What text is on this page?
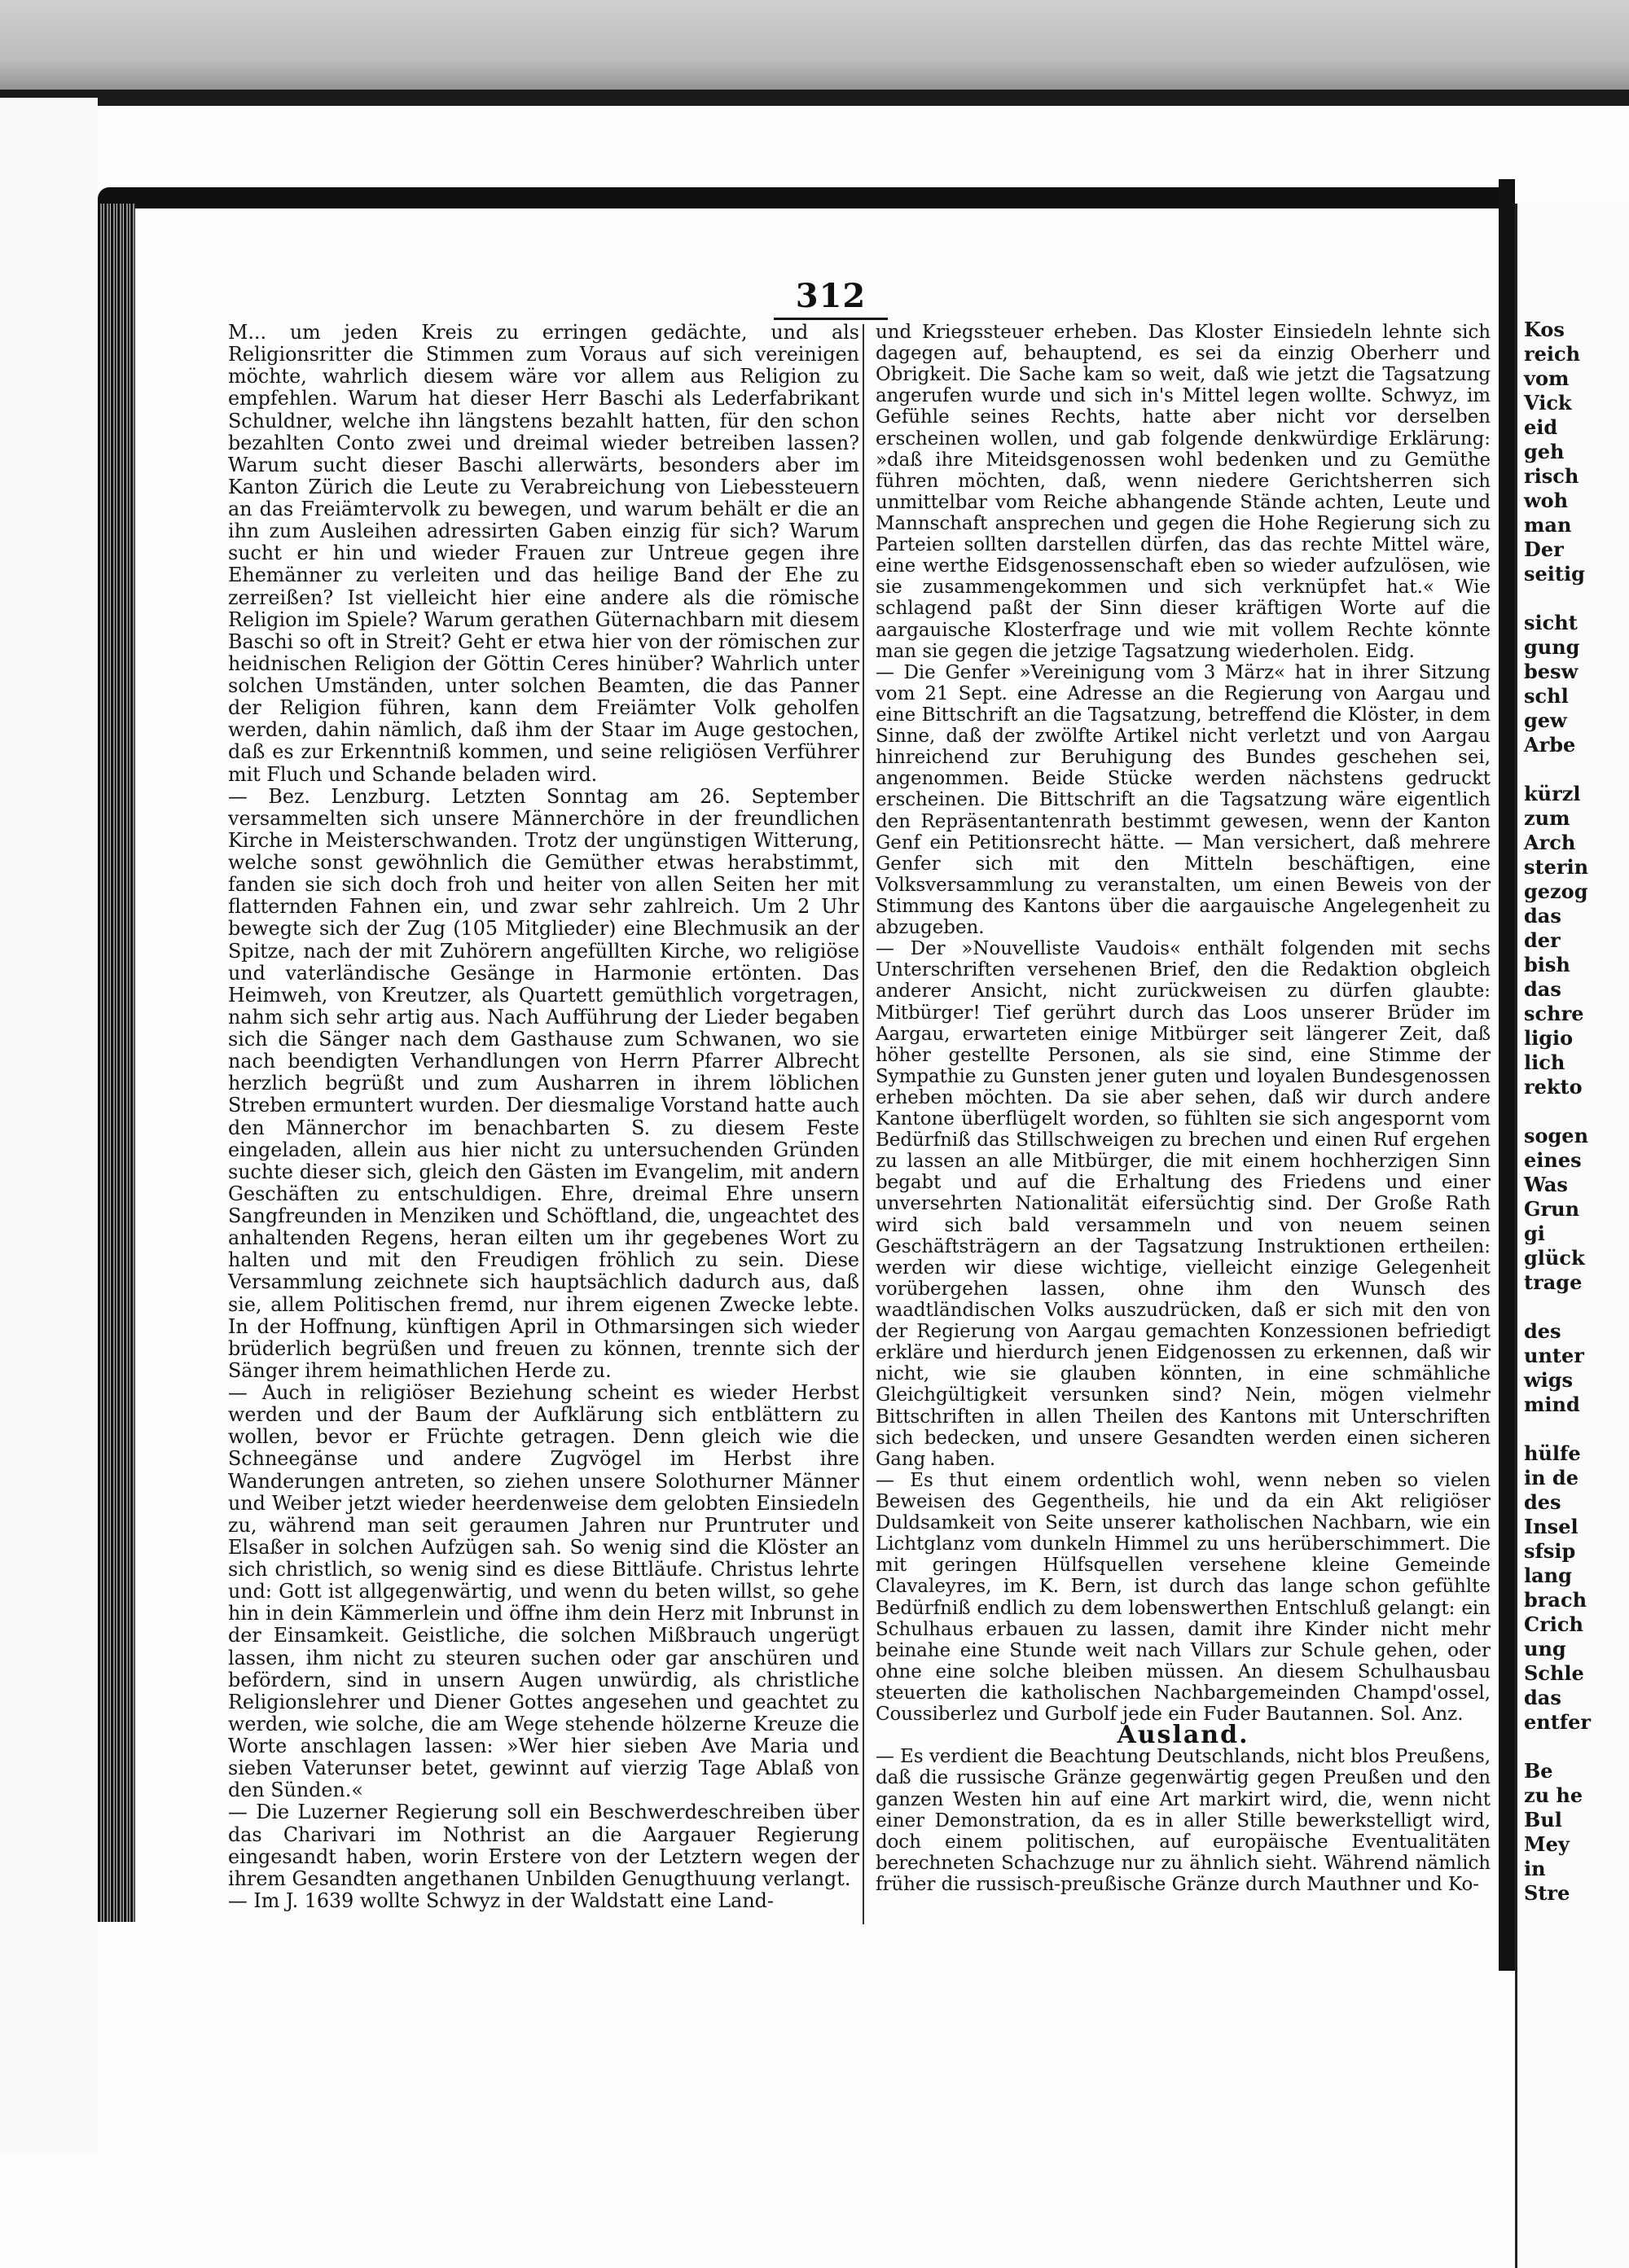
312

M... um jeden Kreis zu erringen gedächte, und als Religionsritter die Stimmen zum Voraus auf sich vereinigen möchte, wahrlich diesem wäre vor allem aus Religion zu empfehlen. Warum hat dieser Herr Baschi als Lederfabrikant Schuldner, welche ihn längstens bezahlt hatten, für den schon bezahlten Conto zwei und dreimal wieder betreiben lassen? Warum sucht dieser Baschi allerwärts, besonders aber im Kanton Zürich die Leute zu Verabreichung von Liebessteuern an das Freiämtervolk zu bewegen, und warum behält er die an ihn zum Ausleihen adressirten Gaben einzig für sich? Warum sucht er hin und wieder Frauen zur Untreue gegen ihre Ehemänner zu verleiten und das heilige Band der Ehe zu zerreißen? Ist vielleicht hier eine andere als die römische Religion im Spiele? Warum gerathen Güternachbarn mit diesem Baschi so oft in Streit? Geht er etwa hier von der römischen zur heidnischen Religion der Göttin Ceres hinüber? Wahrlich unter solchen Umständen, unter solchen Beamten, die das Panner der Religion führen, kann dem Freiämter Volk geholfen werden, dahin nämlich, daß ihm der Staar im Auge gestochen, daß es zur Erkenntniß kommen, und seine religiösen Verführer mit Fluch und Schande beladen wird.

— Bez. Lenzburg. Letzten Sonntag am 26. September versammelten sich unsere Männerchöre in der freundlichen Kirche in Meisterschwanden. Trotz der ungünstigen Witterung, welche sonst gewöhnlich die Gemüther etwas herabstimmt, fanden sie sich doch froh und heiter von allen Seiten her mit flatternden Fahnen ein, und zwar sehr zahlreich. Um 2 Uhr bewegte sich der Zug (105 Mitglieder) eine Blechmusik an der Spitze, nach der mit Zuhörern angefüllten Kirche, wo religiöse und vaterländische Gesänge in Harmonie ertönten. Das Heimweh, von Kreutzer, als Quartett gemüthlich vorgetragen, nahm sich sehr artig aus. Nach Aufführung der Lieder begaben sich die Sänger nach dem Gasthause zum Schwanen, wo sie nach beendigten Verhandlungen von Herrn Pfarrer Albrecht herzlich begrüßt und zum Ausharren in ihrem löblichen Streben ermuntert wurden. Der diesmalige Vorstand hatte auch den Männerchor im benachbarten S. zu diesem Feste eingeladen, allein aus hier nicht zu untersuchenden Gründen suchte dieser sich, gleich den Gästen im Evangelim, mit andern Geschäften zu entschuldigen. Ehre, dreimal Ehre unsern Sangfreunden in Menziken und Schöftland, die, ungeachtet des anhaltenden Regens, heran eilten um ihr gegebenes Wort zu halten und mit den Freudigen fröhlich zu sein. Diese Versammlung zeichnete sich hauptsächlich dadurch aus, daß sie, allem Politischen fremd, nur ihrem eigenen Zwecke lebte. In der Hoffnung, künftigen April in Othmarsingen sich wieder brüderlich begrüßen und freuen zu können, trennte sich der Sänger ihrem heimathlichen Herde zu.

— Auch in religiöser Beziehung scheint es wieder Herbst werden und der Baum der Aufklärung sich entblättern zu wollen, bevor er Früchte getragen. Denn gleich wie die Schneegänse und andere Zugvögel im Herbst ihre Wanderungen antreten, so ziehen unsere Solothurner Männer und Weiber jetzt wieder heerdenweise dem gelobten Einsiedeln zu, während man seit geraumen Jahren nur Pruntruter und Elsaßer in solchen Aufzügen sah. So wenig sind die Klöster an sich christlich, so wenig sind es diese Bittläufe. Christus lehrte und: Gott ist allgegenwärtig, und wenn du beten willst, so gehe hin in dein Kämmerlein und öffne ihm dein Herz mit Inbrunst in der Einsamkeit. Geistliche, die solchen Mißbrauch ungerügt lassen, ihm nicht zu steuren suchen oder gar anschüren und befördern, sind in unsern Augen unwürdig, als christliche Religionslehrer und Diener Gottes angesehen und geachtet zu werden, wie solche, die am Wege stehende hölzerne Kreuze die Worte anschlagen lassen: »Wer hier sieben Ave Maria und sieben Vaterunser betet, gewinnt auf vierzig Tage Ablaß von den Sünden.«

— Die Luzerner Regierung soll ein Beschwerdeschreiben über das Charivari im Nothrist an die Aargauer Regierung eingesandt haben, worin Erstere von der Letztern wegen der ihrem Gesandten angethanen Unbilden Genugthuung verlangt.

— Im J. 1639 wollte Schwyz in der Waldstatt eine Land-

und Kriegssteuer erheben. Das Kloster Einsiedeln lehnte sich dagegen auf, behauptend, es sei da einzig Oberherr und Obrigkeit. Die Sache kam so weit, daß wie jetzt die Tagsatzung angerufen wurde und sich in's Mittel legen wollte. Schwyz, im Gefühle seines Rechts, hatte aber nicht vor derselben erscheinen wollen, und gab folgende denkwürdige Erklärung: »daß ihre Miteidsgenossen wohl bedenken und zu Gemüthe führen möchten, daß, wenn niedere Gerichtsherren sich unmittelbar vom Reiche abhangende Stände achten, Leute und Mannschaft ansprechen und gegen die Hohe Regierung sich zu Parteien sollten darstellen dürfen, das das rechte Mittel wäre, eine werthe Eidsgenossenschaft eben so wieder aufzulösen, wie sie zusammengekommen und sich verknüpfet hat.« Wie schlagend paßt der Sinn dieser kräftigen Worte auf die aargauische Klosterfrage und wie mit vollem Rechte könnte man sie gegen die jetzige Tagsatzung wiederholen. Eidg.

— Die Genfer »Vereinigung vom 3 März« hat in ihrer Sitzung vom 21 Sept. eine Adresse an die Regierung von Aargau und eine Bittschrift an die Tagsatzung, betreffend die Klöster, in dem Sinne, daß der zwölfte Artikel nicht verletzt und von Aargau hinreichend zur Beruhigung des Bundes geschehen sei, angenommen. Beide Stücke werden nächstens gedruckt erscheinen. Die Bittschrift an die Tagsatzung wäre eigentlich den Repräsentantenrath bestimmt gewesen, wenn der Kanton Genf ein Petitionsrecht hätte. — Man versichert, daß mehrere Genfer sich mit den Mitteln beschäftigen, eine Volksversammlung zu veranstalten, um einen Beweis von der Stimmung des Kantons über die aargauische Angelegenheit zu abzugeben.

— Der »Nouvelliste Vaudois« enthält folgenden mit sechs Unterschriften versehenen Brief, den die Redaktion obgleich anderer Ansicht, nicht zurückweisen zu dürfen glaubte: Mitbürger! Tief gerührt durch das Loos unserer Brüder im Aargau, erwarteten einige Mitbürger seit längerer Zeit, daß höher gestellte Personen, als sie sind, eine Stimme der Sympathie zu Gunsten jener guten und loyalen Bundesgenossen erheben möchten. Da sie aber sehen, daß wir durch andere Kantone überflügelt worden, so fühlten sie sich angespornt vom Bedürfniß das Stillschweigen zu brechen und einen Ruf ergehen zu lassen an alle Mitbürger, die mit einem hochherzigen Sinn begabt und auf die Erhaltung des Friedens und einer unversehrten Nationalität eifersüchtig sind. Der Große Rath wird sich bald versammeln und von neuem seinen Geschäftsträgern an der Tagsatzung Instruktionen ertheilen: werden wir diese wichtige, vielleicht einzige Gelegenheit vorübergehen lassen, ohne ihm den Wunsch des waadtländischen Volks auszudrücken, daß er sich mit den von der Regierung von Aargau gemachten Konzessionen befriedigt erkläre und hierdurch jenen Eidgenossen zu erkennen, daß wir nicht, wie sie glauben könnten, in eine schmähliche Gleichgültigkeit versunken sind? Nein, mögen vielmehr Bittschriften in allen Theilen des Kantons mit Unterschriften sich bedecken, und unsere Gesandten werden einen sicheren Gang haben.

— Es thut einem ordentlich wohl, wenn neben so vielen Beweisen des Gegentheils, hie und da ein Akt religiöser Duldsamkeit von Seite unserer katholischen Nachbarn, wie ein Lichtglanz vom dunkeln Himmel zu uns herüberschimmert. Die mit geringen Hülfsquellen versehene kleine Gemeinde Clavaleyres, im K. Bern, ist durch das lange schon gefühlte Bedürfniß endlich zu dem lobenswerthen Entschluß gelangt: ein Schulhaus erbauen zu lassen, damit ihre Kinder nicht mehr beinahe eine Stunde weit nach Villars zur Schule gehen, oder ohne eine solche bleiben müssen. An diesem Schulhausbau steuerten die katholischen Nachbargemeinden Champd'ossel, Coussiberlez und Gurbolf jede ein Fuder Bautannen. Sol. Anz.

Ausland.

— Es verdient die Beachtung Deutschlands, nicht blos Preußens, daß die russische Gränze gegenwärtig gegen Preußen und den ganzen Westen hin auf eine Art markirt wird, die, wenn nicht einer Demonstration, da es in aller Stille bewerkstelligt wird, doch einem politischen, auf europäische Eventualitäten berechneten Schachzuge nur zu ähnlich sieht. Während nämlich früher die russisch-preußische Gränze durch Mauthner und Ko-

Kos
reich
vom
Vick
eid
geh
risch
woh
man
Der
seitig
sicht
gung
besw
schl
gew
Arbe
kürzl
zum
Arch
sterin
gezog
das
der
bish
das
schre
ligio
lich
rekto
sogen
eines
Was
Grun
gi
glück
trage
des
unter
wigs
mind
hülfe
in de
des
Insel
sfsip
lang
brach
Crich
ung
Schle
das
entfer
Be
zu he
Bul
Mey
in
Stre
